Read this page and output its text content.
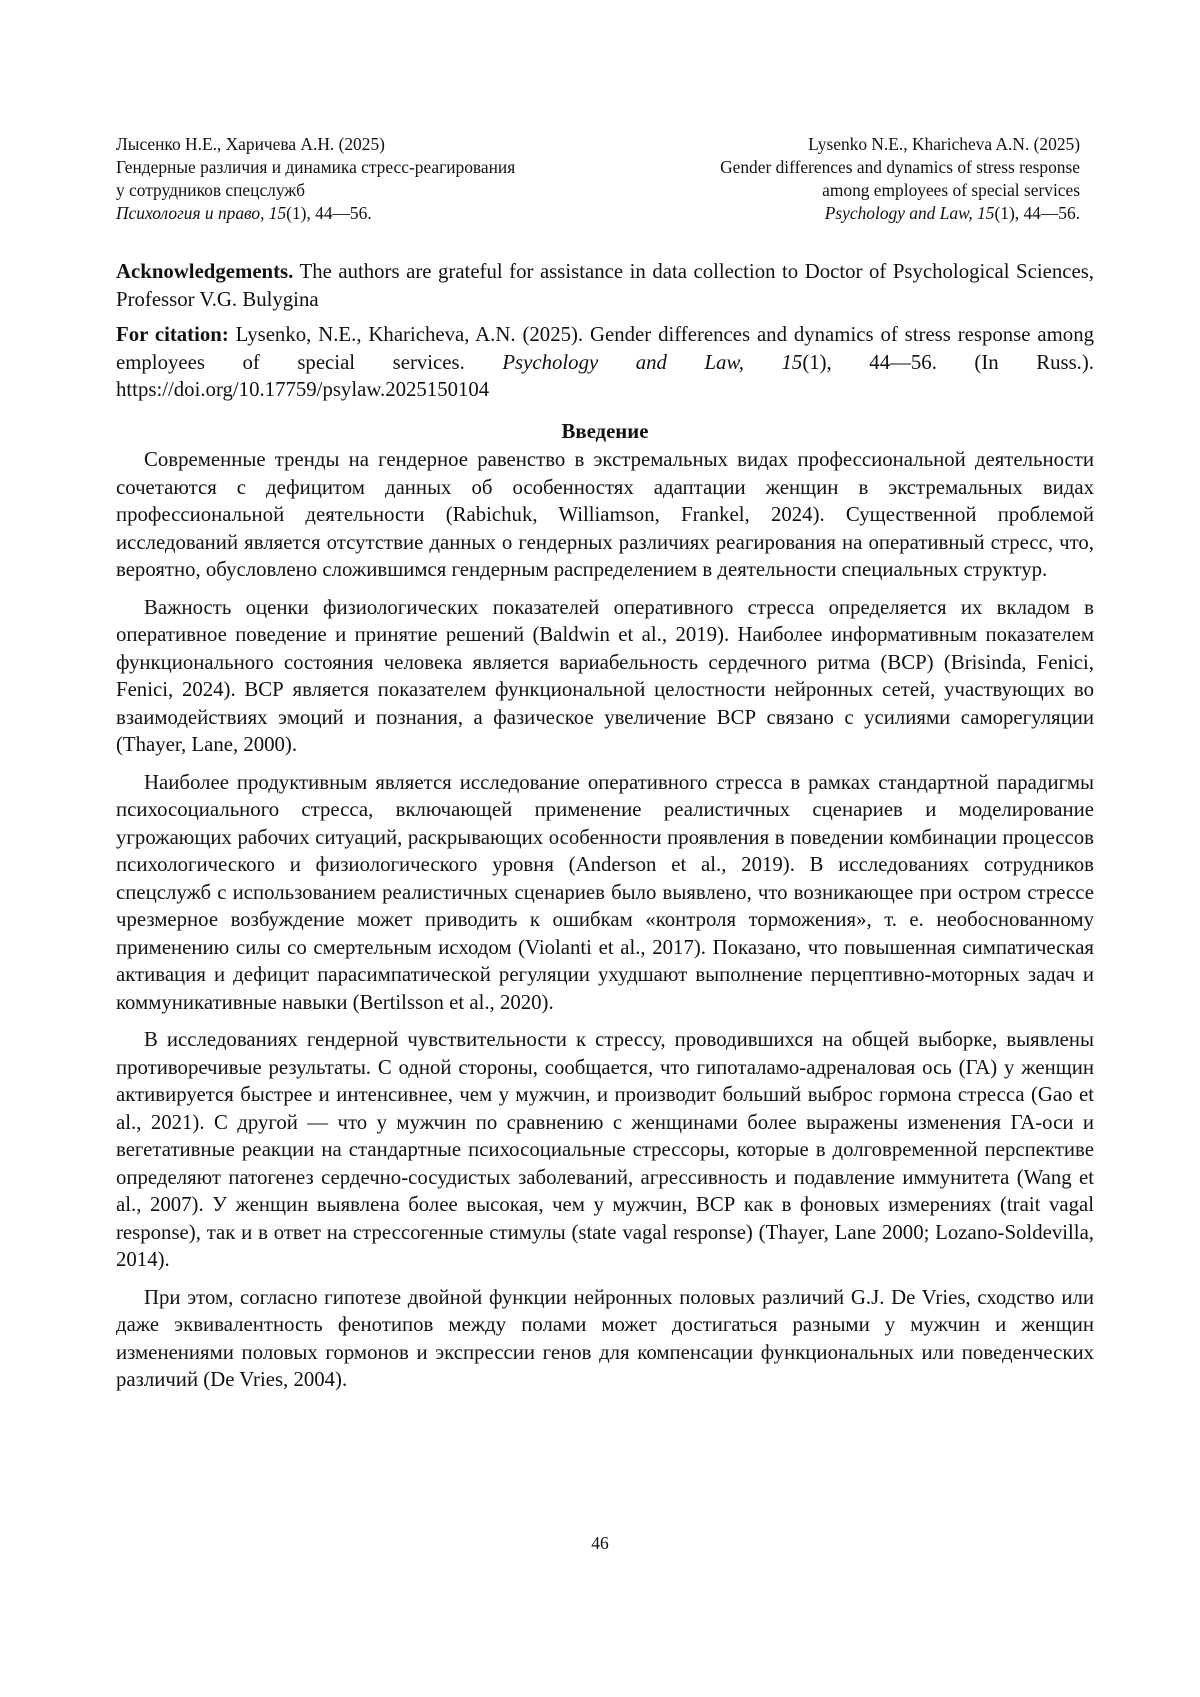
Лысенко Н.Е., Харичева А.Н. (2025)
Гендерные различия и динамика стресс-реагирования
у сотрудников спецслужб
Психология и право, 15(1), 44—56.
Lysenko N.E., Kharicheva A.N. (2025)
Gender differences and dynamics of stress response
among employees of special services
Psychology and Law, 15(1), 44—56.

Acknowledgements. The authors are grateful for assistance in data collection to Doctor of Psychological Sciences, Professor V.G. Bulygina

For citation: Lysenko, N.E., Kharicheva, A.N. (2025). Gender differences and dynamics of stress response among employees of special services. Psychology and Law, 15(1), 44—56. (In Russ.). https://doi.org/10.17759/psylaw.2025150104

Введение

Современные тренды на гендерное равенство в экстремальных видах профессиональной деятельности сочетаются с дефицитом данных об особенностях адаптации женщин в экстремальных видах профессиональной деятельности (Rabichuk, Williamson, Frankel, 2024). Существенной проблемой исследований является отсутствие данных о гендерных различиях реагирования на оперативный стресс, что, вероятно, обусловлено сложившимся гендерным распределением в деятельности специальных структур.

Важность оценки физиологических показателей оперативного стресса определяется их вкладом в оперативное поведение и принятие решений (Baldwin et al., 2019). Наиболее информативным показателем функционального состояния человека является вариабельность сердечного ритма (ВСР) (Brisinda, Fenici, Fenici, 2024). ВСР является показателем функциональной целостности нейронных сетей, участвующих во взаимодействиях эмоций и познания, а фазическое увеличение ВСР связано с усилиями саморегуляции (Thayer, Lane, 2000).

Наиболее продуктивным является исследование оперативного стресса в рамках стандартной парадигмы психосоциального стресса, включающей применение реалистичных сценариев и моделирование угрожающих рабочих ситуаций, раскрывающих особенности проявления в поведении комбинации процессов психологического и физиологического уровня (Anderson et al., 2019). В исследованиях сотрудников спецслужб с использованием реалистичных сценариев было выявлено, что возникающее при остром стрессе чрезмерное возбуждение может приводить к ошибкам «контроля торможения», т. е. необоснованному применению силы со смертельным исходом (Violanti et al., 2017). Показано, что повышенная симпатическая активация и дефицит парасимпатической регуляции ухудшают выполнение перцептивно-моторных задач и коммуникативные навыки (Bertilsson et al., 2020).

В исследованиях гендерной чувствительности к стрессу, проводившихся на общей выборке, выявлены противоречивые результаты. С одной стороны, сообщается, что гипоталамо-адреналовая ось (ГА) у женщин активируется быстрее и интенсивнее, чем у мужчин, и производит больший выброс гормона стресса (Gao et al., 2021). С другой — что у мужчин по сравнению с женщинами более выражены изменения ГА-оси и вегетативные реакции на стандартные психосоциальные стрессоры, которые в долговременной перспективе определяют патогенез сердечно-сосудистых заболеваний, агрессивность и подавление иммунитета (Wang et al., 2007). У женщин выявлена более высокая, чем у мужчин, ВСР как в фоновых измерениях (trait vagal response), так и в ответ на стрессогенные стимулы (state vagal response) (Thayer, Lane 2000; Lozano-Soldevilla, 2014).

При этом, согласно гипотезе двойной функции нейронных половых различий G.J. De Vries, сходство или даже эквивалентность фенотипов между полами может достигаться разными у мужчин и женщин изменениями половых гормонов и экспрессии генов для компенсации функциональных или поведенческих различий (De Vries, 2004).

46
